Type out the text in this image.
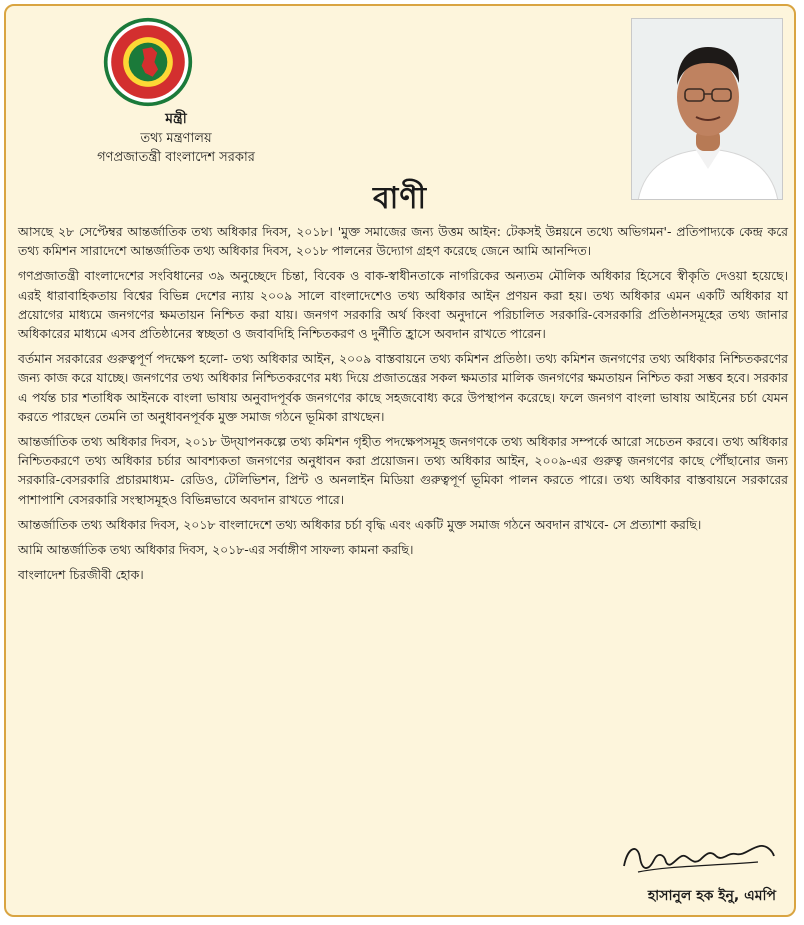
মন্ত্রী
তথ্য মন্ত্রণালয়
গণপ্রজাতন্ত্রী বাংলাদেশ সরকার
বাণী

আসছে ২৮ সেপ্টেম্বর আন্তর্জাতিক তথ্য অধিকার দিবস, ২০১৮। 'মুক্ত সমাজের জন্য উত্তম আইন: টেকসই উন্নয়নে তথ্যে অভিগমন'- প্রতিপাদ্যকে কেন্দ্র করে তথ্য কমিশন সারাদেশে আন্তর্জাতিক তথ্য অধিকার দিবস, ২০১৮ পালনের উদ্যোগ গ্রহণ করেছে জেনে আমি আনন্দিত।

গণপ্রজাতন্ত্রী বাংলাদেশের সংবিধানের ৩৯ অনুচ্ছেদে চিন্তা, বিবেক ও বাক-স্বাধীনতাকে নাগরিকের অন্যতম মৌলিক অধিকার হিসেবে স্বীকৃতি দেওয়া হয়েছে। এরই ধারাবাহিকতায় বিশ্বের বিভিন্ন দেশের ন্যায় ২০০৯ সালে বাংলাদেশেও তথ্য অধিকার আইন প্রণয়ন করা হয়। তথ্য অধিকার এমন একটি অধিকার যা প্রয়োগের মাধ্যমে জনগণের ক্ষমতায়ন নিশ্চিত করা যায়। জনগণ সরকারি অর্থ কিংবা অনুদানে পরিচালিত সরকারি-বেসরকারি প্রতিষ্ঠানসমূহের তথ্য জানার অধিকারের মাধ্যমে এসব প্রতিষ্ঠানের স্বচ্ছতা ও জবাবদিহি নিশ্চিতকরণ ও দুর্নীতি হ্রাসে অবদান রাখতে পারেন।

বর্তমান সরকারের গুরুত্বপূর্ণ পদক্ষেপ হলো- তথ্য অধিকার আইন, ২০০৯ বাস্তবায়নে তথ্য কমিশন প্রতিষ্ঠা। তথ্য কমিশন জনগণের তথ্য অধিকার নিশ্চিতকরণের জন্য কাজ করে যাচ্ছে। জনগণের তথ্য অধিকার নিশ্চিতকরণের মধ্য দিয়ে প্রজাতন্ত্রের সকল ক্ষমতার মালিক জনগণের ক্ষমতায়ন নিশ্চিত করা সম্ভব হবে। সরকার এ পর্যন্ত চার শতাধিক আইনকে বাংলা ভাষায় অনুবাদপূর্বক জনগণের কাছে সহজবোধ্য করে উপস্থাপন করেছে। ফলে জনগণ বাংলা ভাষায় আইনের চর্চা যেমন করতে পারছেন তেমনি তা অনুধাবনপূর্বক মুক্ত সমাজ গঠনে ভূমিকা রাখছেন।

আন্তর্জাতিক তথ্য অধিকার দিবস, ২০১৮ উদ্‌যাপনকল্পে তথ্য কমিশন গৃহীত পদক্ষেপসমূহ জনগণকে তথ্য অধিকার সম্পর্কে আরো সচেতন করবে। তথ্য অধিকার নিশ্চিতকরণে তথ্য অধিকার চর্চার আবশ্যকতা জনগণের অনুধাবন করা প্রয়োজন। তথ্য অধিকার আইন, ২০০৯-এর গুরুত্ব জনগণের কাছে পৌঁছানোর জন্য সরকারি-বেসরকারি প্রচারমাধ্যম- রেডিও, টেলিভিশন, প্রিন্ট ও অনলাইন মিডিয়া গুরুত্বপূর্ণ ভূমিকা পালন করতে পারে। তথ্য অধিকার বাস্তবায়নে সরকারের পাশাপাশি বেসরকারি সংস্থাসমূহও বিভিন্নভাবে অবদান রাখতে পারে।

আন্তর্জাতিক তথ্য অধিকার দিবস, ২০১৮ বাংলাদেশে তথ্য অধিকার চর্চা বৃদ্ধি এবং একটি মুক্ত সমাজ গঠনে অবদান রাখবে- সে প্রত্যাশা করছি।

আমি আন্তর্জাতিক তথ্য অধিকার দিবস, ২০১৮-এর সর্বাঙ্গীণ সাফল্য কামনা করছি।

বাংলাদেশ চিরজীবী হোক।

হাসানুল হক ইনু, এমপি
